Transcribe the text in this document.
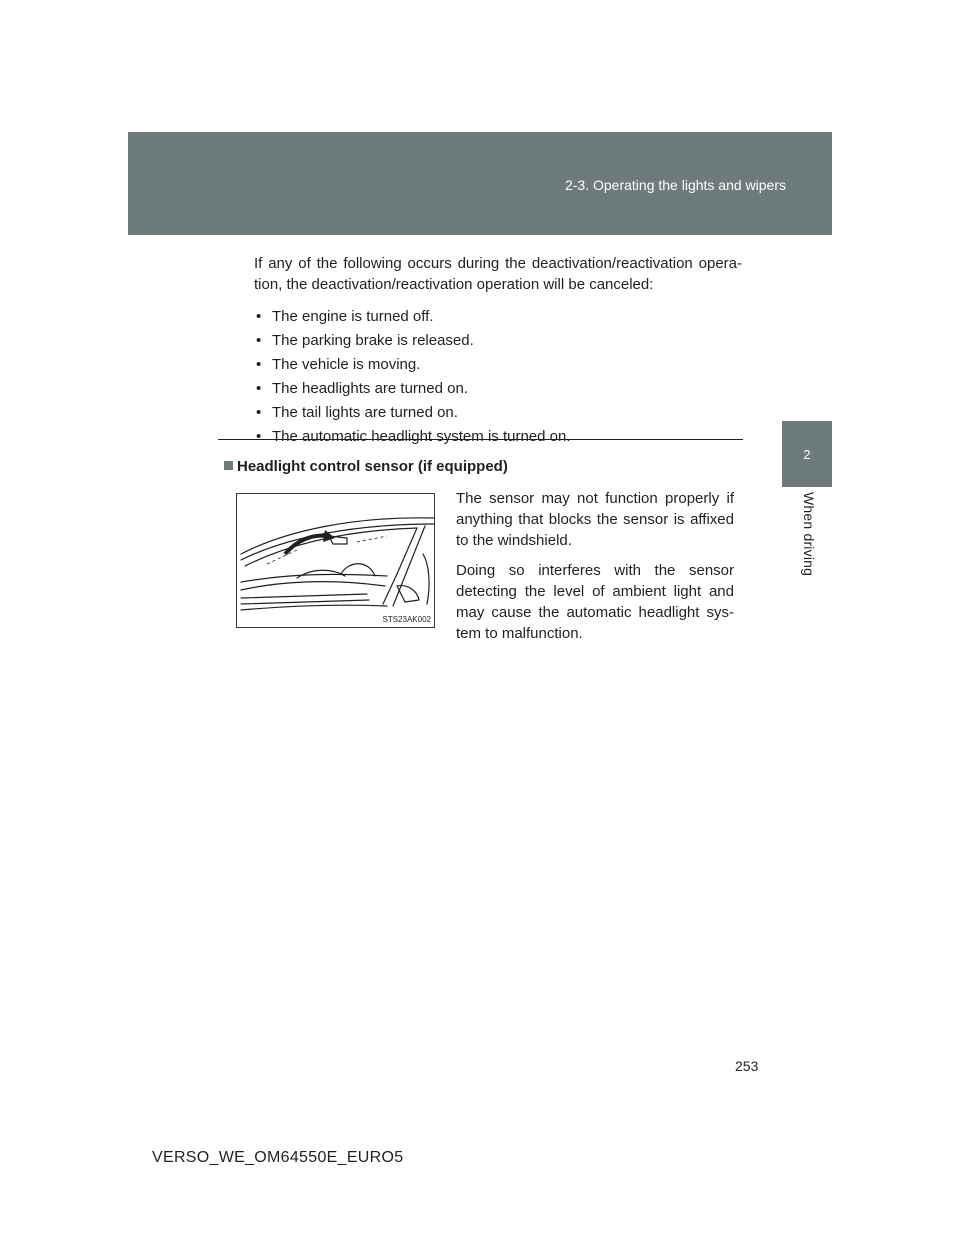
2-3. Operating the lights and wipers
2
When driving

If any of the following occurs during the deactivation/reactivation opera-tion, the deactivation/reactivation operation will be canceled:

• The engine is turned off.
• The parking brake is released.
• The vehicle is moving.
• The headlights are turned on.
• The tail lights are turned on.
• The automatic headlight system is turned on.
Headlight control sensor (if equipped)
STS23AK002

The sensor may not function properly if anything that blocks the sensor is affixed to the windshield.

Doing so interferes with the sensor detecting the level of ambient light and may cause the automatic headlight sys-tem to malfunction.

253
VERSO_WE_OM64550E_EURO5
